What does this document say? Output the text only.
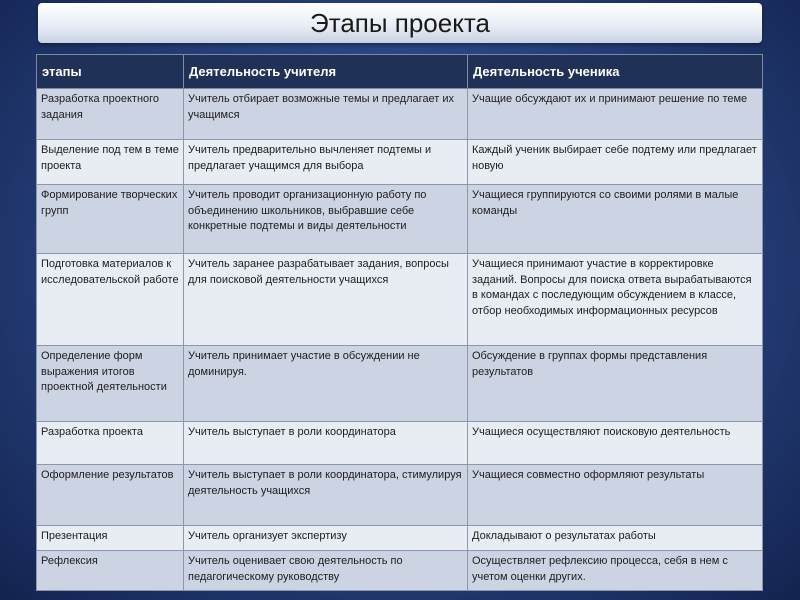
Этапы проекта
этапы	Деятельность учителя	Деятельность ученика
Разработка проектного задания	Учитель отбирает возможные темы и предлагает их учащимся	Учащие обсуждают их и принимают решение по теме
Выделение под тем в теме проекта	Учитель предварительно вычленяет подтемы и предлагает учащимся для выбора	Каждый ученик выбирает себе подтему или предлагает новую
Формирование творческих групп	Учитель проводит организационную работу по объединению школьников, выбравшие себе конкретные подтемы и виды деятельности	Учащиеся группируются со своими ролями в малые команды
Подготовка материалов к исследовательской работе	Учитель заранее разрабатывает задания, вопросы для поисковой деятельности учащихся	Учащиеся принимают участие в корректировке заданий. Вопросы для поиска ответа вырабатываются в командах с последующим обсуждением в классе, отбор необходимых информационных ресурсов
Определение форм выражения итогов проектной деятельности	Учитель принимает участие в обсуждении не доминируя.	Обсуждение в группах формы представления результатов
Разработка проекта	Учитель выступает в роли координатора	Учащиеся осуществляют поисковую деятельность
Оформление результатов	Учитель выступает в роли координатора, стимулируя деятельность учащихся	Учащиеся совместно оформляют результаты
Презентация	Учитель организует экспертизу	Докладывают о результатах работы
Рефлексия	Учитель оценивает свою деятельность по педагогическому руководству	Осуществляет рефлексию процесса, себя в нем с учетом оценки других.
